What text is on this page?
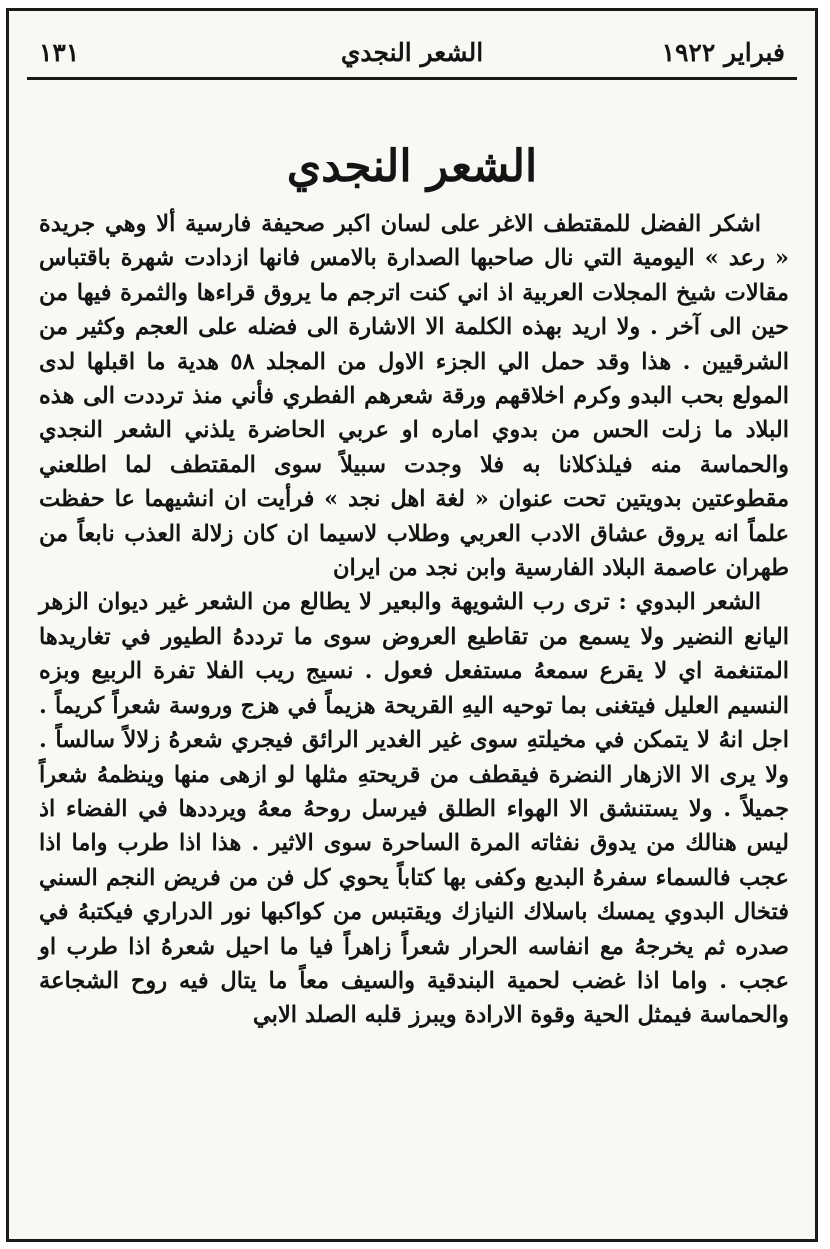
فبراير ١٩٢٢
الشعر النجدي
١٣١
الشعر النجدي

اشكر الفضل للمقتطف الاغر على لسان اكبر صحيفة فارسية ألا وهي جريدة « رعد » اليومية التي نال صاحبها الصدارة بالامس فانها ازدادت شهرة باقتباس مقالات شيخ المجلات العربية اذ اني كنت اترجم ما يروق قراءها والثمرة فيها من حين الى آخر . ولا اريد بهذه الكلمة الا الاشارة الى فضله على العجم وكثير من الشرقيين . هذا وقد حمل الي الجزء الاول من المجلد ٥٨ هدية ما اقبلها لدى المولع بحب البدو وكرم اخلاقهم ورقة شعرهم الفطري فأني منذ ترددت الى هذه البلاد ما زلت الحس من بدوي اماره او عربي الحاضرة يلذني الشعر النجدي والحماسة منه فيلذكلانا به فلا وجدت سبيلاً سوى المقتطف لما اطلعني مقطوعتين بدويتين تحت عنوان « لغة اهل نجد » فرأيت ان انشيهما عا حفظت علماً انه يروق عشاق الادب العربي وطلاب لاسيما ان كان زلالة العذب نابعاً من طهران عاصمة البلاد الفارسية وابن نجد من ايران

الشعر البدوي : ترى رب الشويهة والبعير لا يطالع من الشعر غير ديوان الزهر اليانع النضير ولا يسمع من تقاطيع العروض سوى ما ترددهُ الطيور في تغاريدها المتنغمة اي لا يقرع سمعهُ مستفعل فعول . نسيج ريب الفلا تفرة الربيع وبزه النسيم العليل فيتغنى بما توحيه اليهِ القريحة هزيماً في هزج وروسة شعراً كريماً . اجل انهُ لا يتمكن في مخيلتهِ سوى غير الغدير الرائق فيجري شعرهُ زلالاً سالساً . ولا يرى الا الازهار النضرة فيقطف من قريحتهِ مثلها لو ازهى منها وينظمهُ شعراً جميلاً . ولا يستنشق الا الهواء الطلق فيرسل روحهُ معهُ ويرددها في الفضاء اذ ليس هنالك من يدوق نفثاته المرة الساحرة سوى الاثير . هذا اذا طرب واما اذا عجب فالسماء سفرهُ البديع وكفى بها كتاباً يحوي كل فن من فريض النجم السني فتخال البدوي يمسك باسلاك النيازك ويقتبس من كواكبها نور الدراري فيكتبهُ في صدره ثم يخرجهُ مع انفاسه الحرار شعراً زاهراً فيا ما احيل شعرهُ اذا طرب او عجب . واما اذا غضب لحمية البندقية والسيف معاً ما يتال فيه روح الشجاعة والحماسة فيمثل الحية وقوة الارادة ويبرز قلبه الصلد الابي
